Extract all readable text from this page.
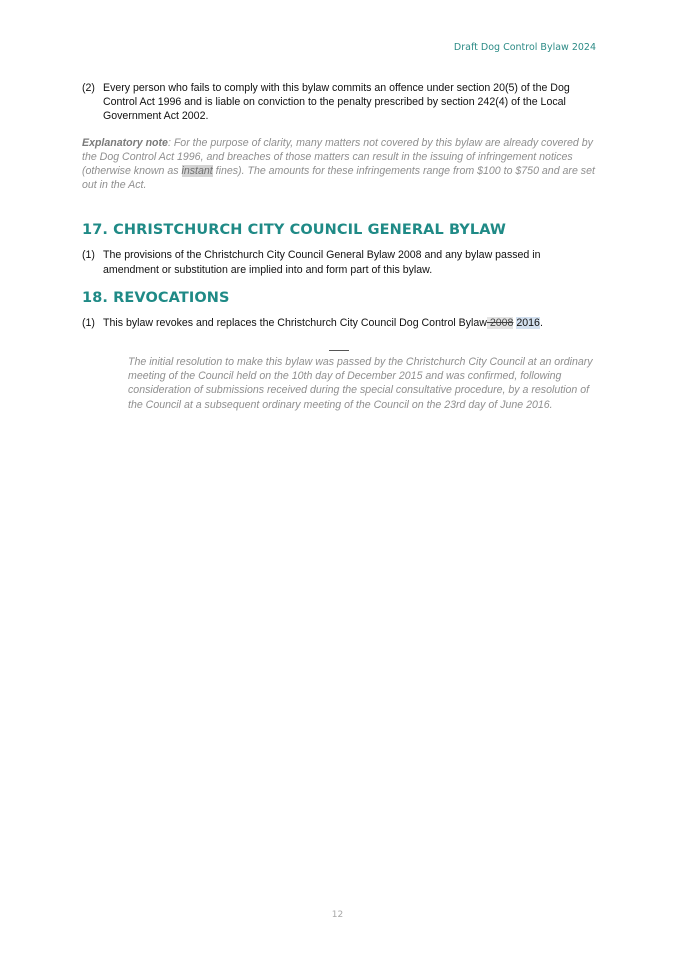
Draft Dog Control Bylaw 2024
(2) Every person who fails to comply with this bylaw commits an offence under section 20(5) of the Dog Control Act 1996 and is liable on conviction to the penalty prescribed by section 242(4) of the Local Government Act 2002.
Explanatory note: For the purpose of clarity, many matters not covered by this bylaw are already covered by the Dog Control Act 1996, and breaches of those matters can result in the issuing of infringement notices (otherwise known as instant fines). The amounts for these infringements range from $100 to $750 and are set out in the Act.
17. CHRISTCHURCH CITY COUNCIL GENERAL BYLAW
(1) The provisions of the Christchurch City Council General Bylaw 2008 and any bylaw passed in amendment or substitution are implied into and form part of this bylaw.
18. REVOCATIONS
(1) This bylaw revokes and replaces the Christchurch City Council Dog Control Bylaw 2008 2016.
The initial resolution to make this bylaw was passed by the Christchurch City Council at an ordinary meeting of the Council held on the 10th day of December 2015 and was confirmed, following consideration of submissions received during the special consultative procedure, by a resolution of the Council at a subsequent ordinary meeting of the Council on the 23rd day of June 2016.
12
